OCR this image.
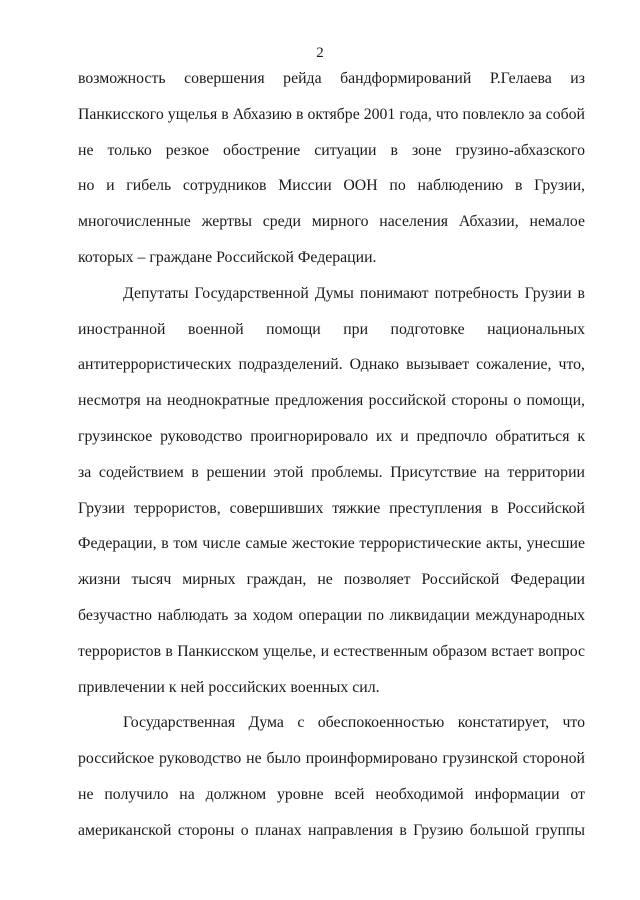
2
возможность совершения рейда бандформирований Р.Гелаева из
Панкисского ущелья в Абхазию в октябре 2001 года, что повлекло за собой
не только резкое обострение ситуации в зоне грузино-абхазского
но и гибель сотрудников Миссии ООН по наблюдению в Грузии,
многочисленные жертвы среди мирного населения Абхазии, немалое
которых – граждане Российской Федерации.
Депутаты Государственной Думы понимают потребность Грузии в
иностранной военной помощи при подготовке национальных
антитеррористических подразделений. Однако вызывает сожаление, что,
несмотря на неоднократные предложения российской стороны о помощи,
грузинское руководство проигнорировало их и предпочло обратиться к
за содействием в решении этой проблемы. Присутствие на территории
Грузии террористов, совершивших тяжкие преступления в Российской
Федерации, в том числе самые жестокие террористические акты, унесшие
жизни тысяч мирных граждан, не позволяет Российской Федерации
безучастно наблюдать за ходом операции по ликвидации международных
террористов в Панкисском ущелье, и естественным образом встает вопрос
привлечении к ней российских военных сил.
Государственная Дума с обеспокоенностью констатирует, что
российское руководство не было проинформировано грузинской стороной
не получило на должном уровне всей необходимой информации от
американской стороны о планах направления в Грузию большой группы
